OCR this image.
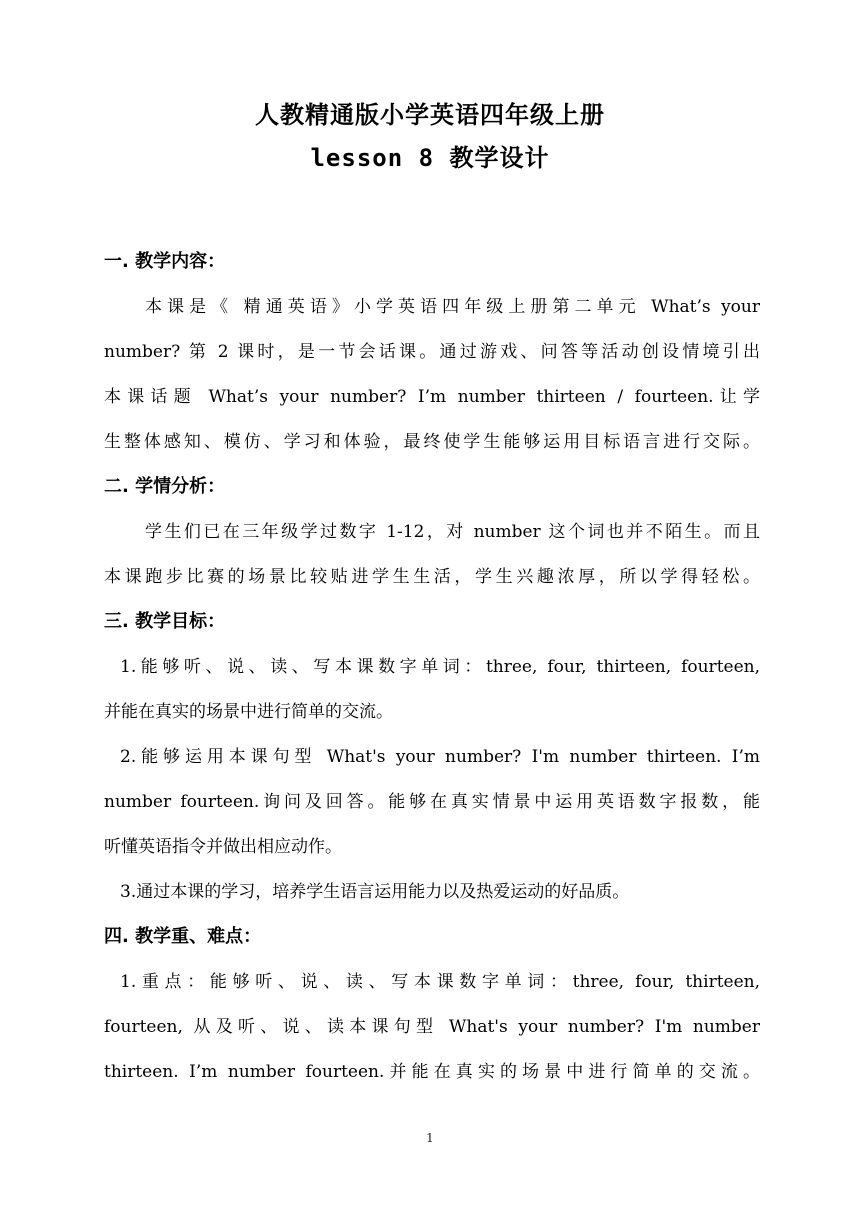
人教精通版小学英语四年级上册
lesson 8 教学设计
一. 教学内容：
本课是《 精通英语》小学英语四年级上册第二单元 What’s your
number? 第 2 课时，是一节会话课。通过游戏、问答等活动创设情境引出
本课话题 What’s your number? I’m number thirteen / fourteen.让学
生整体感知、模仿、学习和体验，最终使学生能够运用目标语言进行交际。
二. 学情分析：
学生们已在三年级学过数字 1-12，对 number 这个词也并不陌生。而且
本课跑步比赛的场景比较贴进学生生活，学生兴趣浓厚，所以学得轻松。
三. 教学目标：
1.能够听、说、读、写本课数字单词：three, four, thirteen, fourteen,
并能在真实的场景中进行简单的交流。
2.能够运用本课句型 What's your number? I'm number thirteen. I’m
number fourteen.询问及回答。能够在真实情景中运用英语数字报数，能
听懂英语指令并做出相应动作。
3.通过本课的学习，培养学生语言运用能力以及热爱运动的好品质。
四. 教学重、难点：
1.重点：能够听、说、读、写本课数字单词：three, four, thirteen,
fourteen, 从及听、说、读本课句型 What's your number? I'm number
thirteen. I’m number fourteen.并能在真实的场景中进行简单的交流。
1
